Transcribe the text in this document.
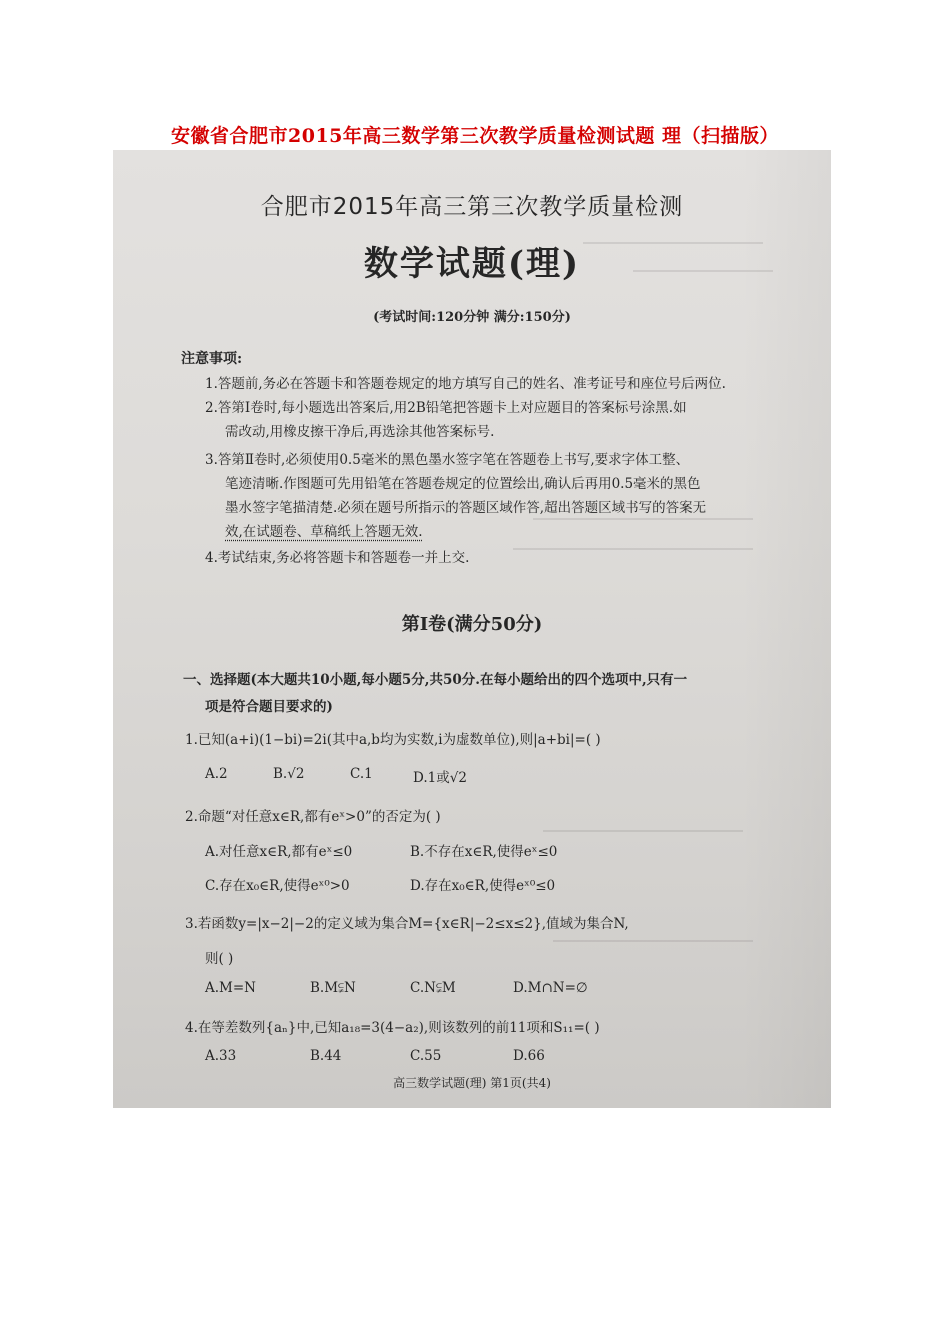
安徽省合肥市2015年高三数学第三次教学质量检测试题 理（扫描版）
合肥市2015年高三第三次教学质量检测
数学试题(理)
(考试时间:120分钟 满分:150分)
注意事项:
1.答题前,务必在答题卡和答题卷规定的地方填写自己的姓名、准考证号和座位号后两位.
2.答第Ⅰ卷时,每小题选出答案后,用2B铅笔把答题卡上对应题目的答案标号涂黑.如
需改动,用橡皮擦干净后,再选涂其他答案标号.
3.答第Ⅱ卷时,必须使用0.5毫米的黑色墨水签字笔在答题卷上书写,要求字体工整、
笔迹清晰.作图题可先用铅笔在答题卷规定的位置绘出,确认后再用0.5毫米的黑色
墨水签字笔描清楚.必须在题号所指示的答题区域作答,超出答题区域书写的答案无
效,在试题卷、草稿纸上答题无效.
4.考试结束,务必将答题卡和答题卷一并上交.
第Ⅰ卷(满分50分)
一、选择题(本大题共10小题,每小题5分,共50分.在每小题给出的四个选项中,只有一
项是符合题目要求的)
1.已知(a+i)(1−bi)=2i(其中a,b均为实数,i为虚数单位),则|a+bi|=( )
A.2	B.√2	C.1	D.1或√2
2.命题“对任意x∈R,都有eˣ>0”的否定为( )
A.对任意x∈R,都有eˣ≤0	B.不存在x∈R,使得eˣ≤0
C.存在x₀∈R,使得eˣ⁰>0	D.存在x₀∈R,使得eˣ⁰≤0
3.若函数y=|x−2|−2的定义域为集合M={x∈R|−2≤x≤2},值域为集合N,
则( )
A.M=N	B.M⫋N	C.N⫋M	D.M∩N=∅
4.在等差数列{aₙ}中,已知a₁₈=3(4−a₂),则该数列的前11项和S₁₁=( )
A.33	B.44	C.55	D.66
高三数学试题(理) 第1页(共4)
